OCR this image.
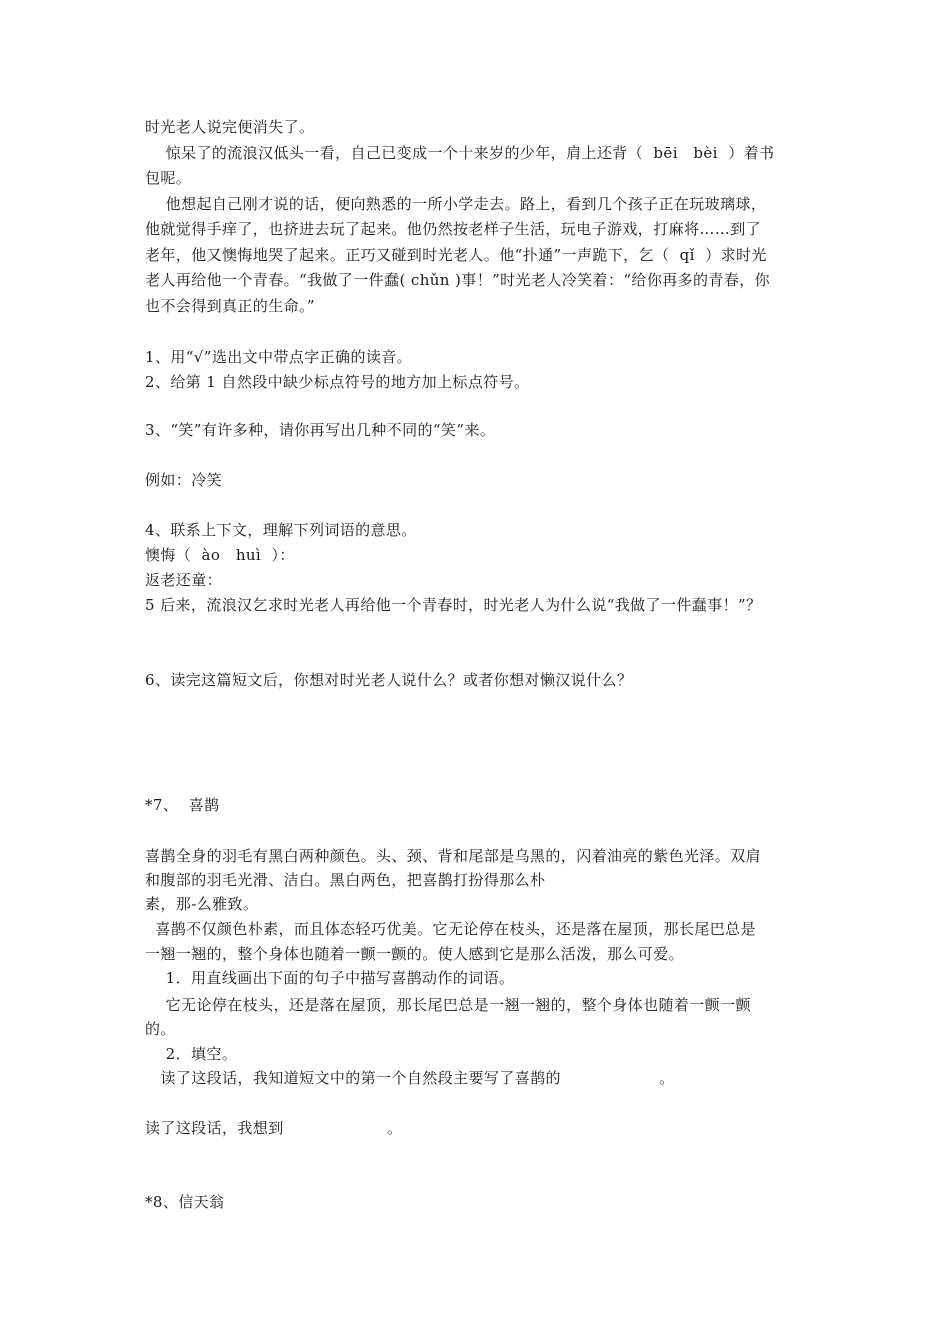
时光老人说完便消失了。
惊呆了的流浪汉低头一看，自己已变成一个十来岁的少年，肩上还背（  bēi   bèi  ）着书
包呢。
他想起自己刚才说的话，便向熟悉的一所小学走去。路上，看到几个孩子正在玩玻璃球，
他就觉得手痒了，也挤进去玩了起来。他仍然按老样子生活，玩电子游戏，打麻将……到了
老年，他又懊悔地哭了起来。正巧又碰到时光老人。他“扑通”一声跪下，乞（  qǐ  ）求时光
老人再给他一个青春。“我做了一件蠢( chǔn )事！”时光老人冷笑着：“给你再多的青春，你
也不会得到真正的生命。”
1、用“√”选出文中带点字正确的读音。
2、给第 1 自然段中缺少标点符号的地方加上标点符号。
3、“笑”有许多种，请你再写出几种不同的“笑”来。
例如：冷笑
4、联系上下文，理解下列词语的意思。
懊悔（  ào   huì  ）：
返老还童：
5 后来，流浪汉乞求时光老人再给他一个青春时，时光老人为什么说“我做了一件蠢事！”？
6、读完这篇短文后，你想对时光老人说什么？或者你想对懒汉说什么？
*7、  喜鹊
喜鹊全身的羽毛有黑白两种颜色。头、颈、背和尾部是乌黑的，闪着油亮的紫色光泽。双肩
和腹部的羽毛光滑、洁白。黑白两色，把喜鹊打扮得那么朴
素，那-么雅致。
喜鹊不仅颜色朴素，而且体态轻巧优美。它无论停在枝头，还是落在屋顶，那长尾巴总是
一翘一翘的，整个身体也随着一颤一颤的。使人感到它是那么活泼，那么可爱。
1．用直线画出下面的句子中描写喜鹊动作的词语。
它无论停在枝头，还是落在屋顶，那长尾巴总是一翘一翘的，整个身体也随着一颤一颤
的。
2．填空。
读了这段话，我知道短文中的第一个自然段主要写了喜鹊的                   。
读了这段话，我想到                    。
*8、信天翁
